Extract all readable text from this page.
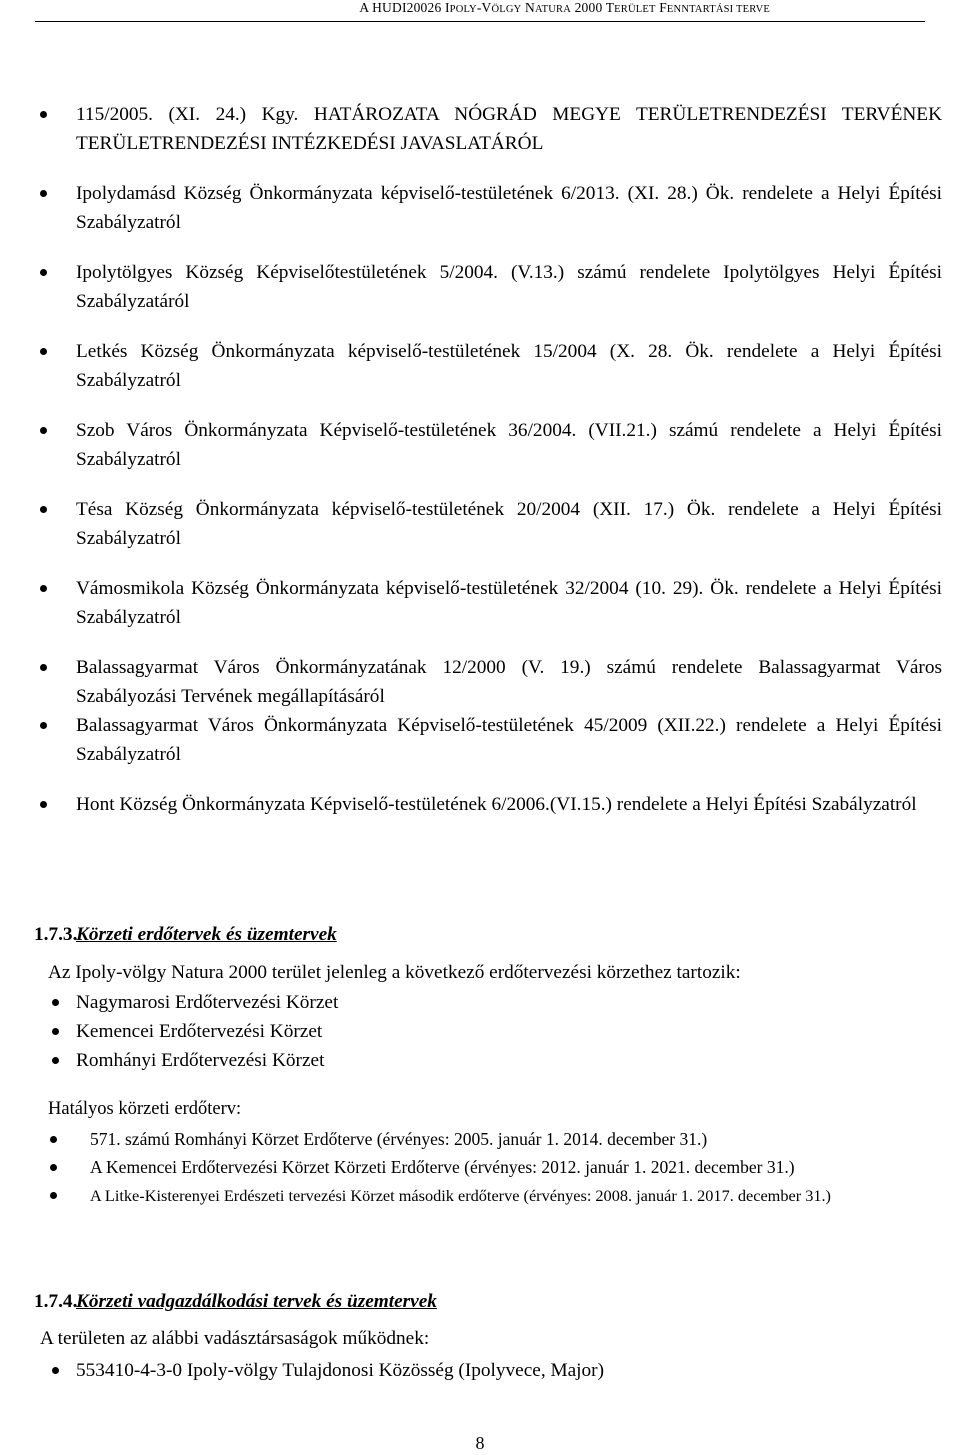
A HUDI20026 IPOLY-VÖLGY NATURA 2000 TERÜLET FENNTARTÁSI TERVE
115/2005. (XI. 24.) Kgy. HATÁROZATA NÓGRÁD MEGYE TERÜLETRENDEZÉSI TERVÉNEK TERÜLETRENDEZÉSI INTÉZKEDÉSI JAVASLATÁRÓL
Ipolydamásd Község Önkormányzata képviselő-testületének 6/2013. (XI. 28.) Ök. rendelete a Helyi Építési Szabályzatról
Ipolytölgyes Község Képviselőtestületének 5/2004. (V.13.) számú rendelete Ipolytölgyes Helyi Építési Szabályzatáról
Letkés Község Önkormányzata képviselő-testületének 15/2004 (X. 28. Ök. rendelete a Helyi Építési Szabályzatról
Szob Város Önkormányzata Képviselő-testületének 36/2004. (VII.21.) számú rendelete a Helyi Építési Szabályzatról
Tésa Község Önkormányzata képviselő-testületének 20/2004 (XII. 17.) Ök. rendelete a Helyi Építési Szabályzatról
Vámosmikola Község Önkormányzata képviselő-testületének 32/2004 (10. 29). Ök. rendelete a Helyi Építési Szabályzatról
Balassagyarmat Város Önkormányzatának 12/2000 (V. 19.) számú rendelete Balassagyarmat Város Szabályozási Tervének megállapításáról
Balassagyarmat Város Önkormányzata Képviselő-testületének 45/2009 (XII.22.) rendelete a Helyi Építési Szabályzatról
Hont Község Önkormányzata Képviselő-testületének 6/2006.(VI.15.) rendelete a Helyi Építési Szabályzatról
1.7.3.Körzeti erdőtervek és üzemtervek
Az Ipoly-völgy Natura 2000 terület jelenleg a következő erdőtervezési körzethez tartozik:
Nagymarosi Erdőtervezési Körzet
Kemencei Erdőtervezési Körzet
Romhányi Erdőtervezési Körzet
Hatályos körzeti erdőterv:
571. számú Romhányi Körzet Erdőterve (érvényes: 2005. január 1. 2014. december 31.)
A Kemencei Erdőtervezési Körzet Körzeti Erdőterve (érvényes: 2012. január 1. 2021. december 31.)
A Litke-Kisterenyei Erdészeti tervezési Körzet második erdőterve (érvényes: 2008. január 1. 2017. december 31.)
1.7.4.Körzeti vadgazdálkodási tervek és üzemtervek
A területen az alábbi vadásztársaságok működnek:
553410-4-3-0 Ipoly-völgy Tulajdonosi Közösség (Ipolyvece, Major)
8
